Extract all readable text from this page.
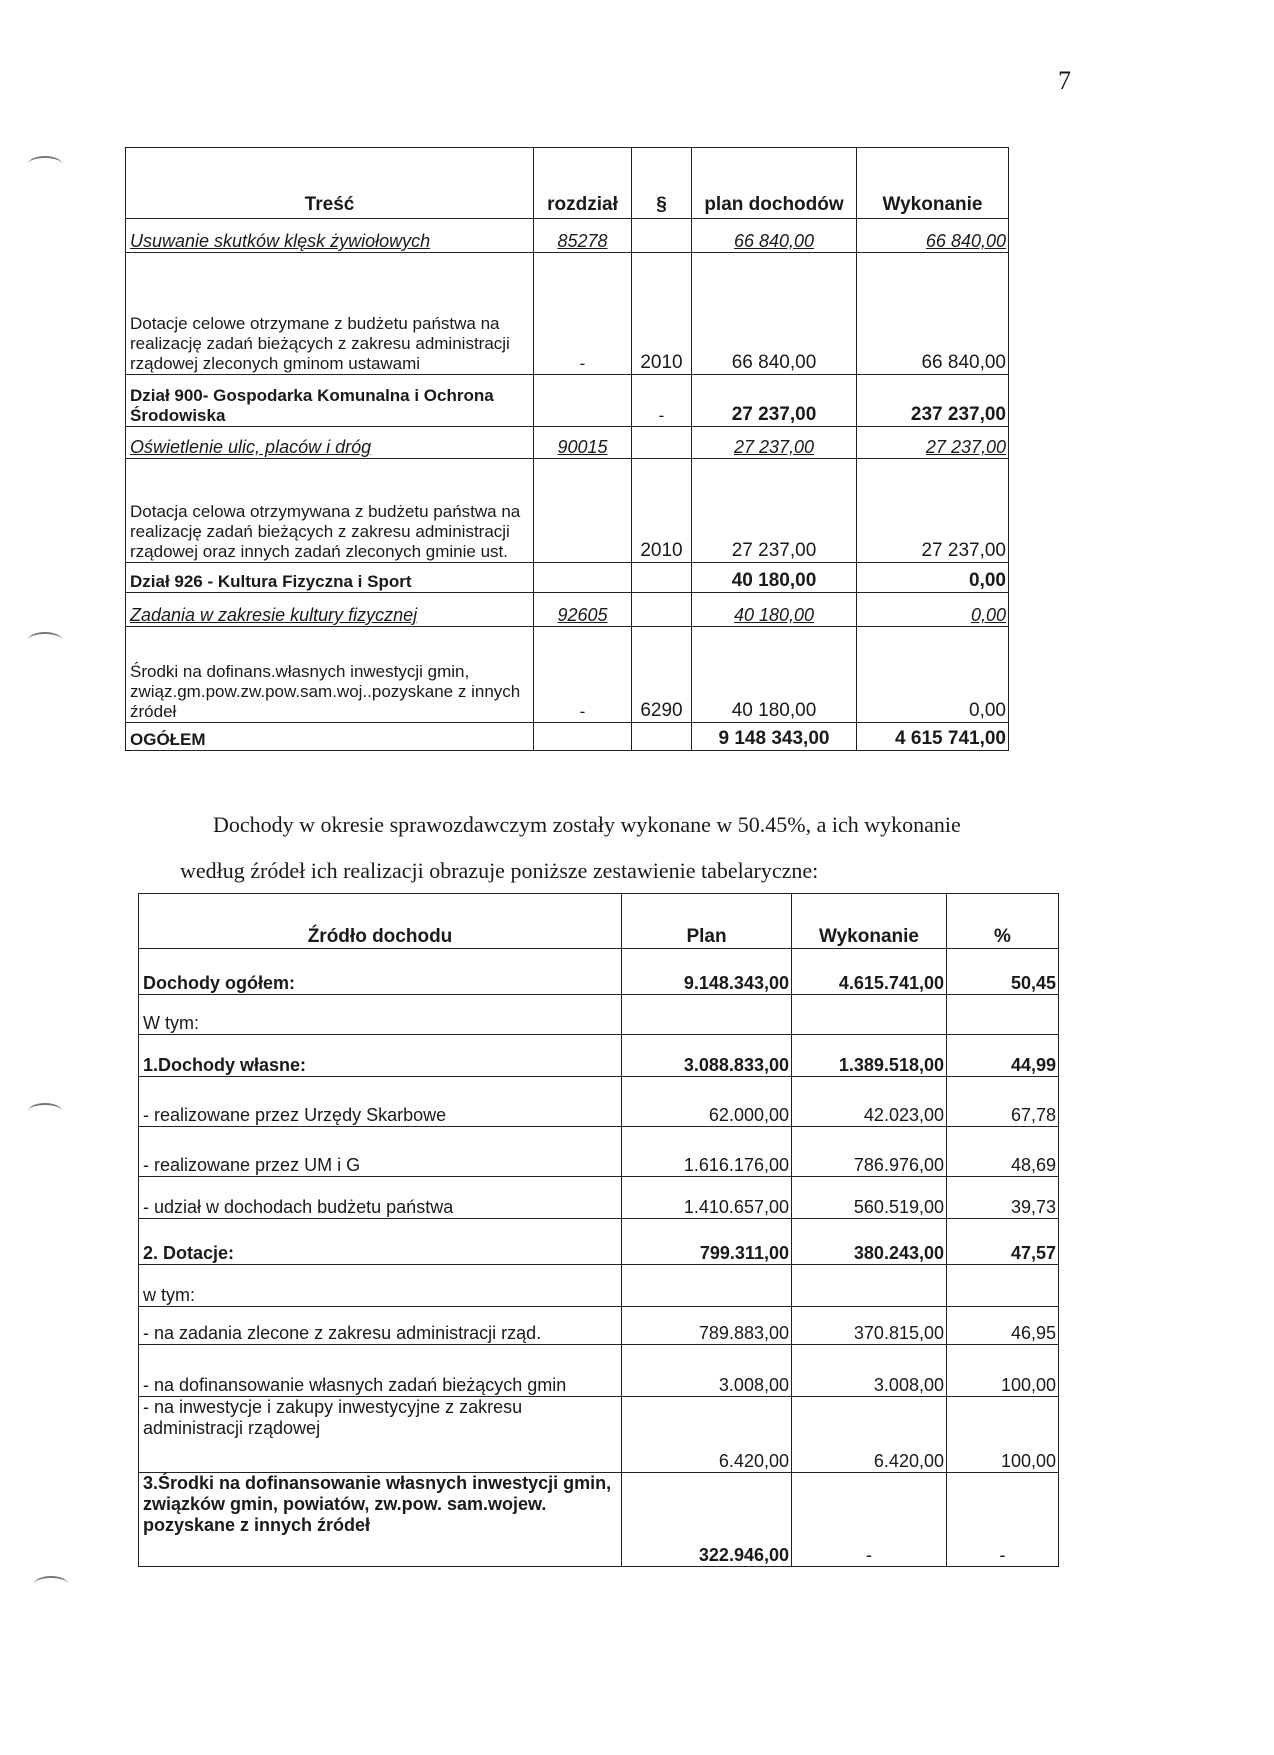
7
Treść	rozdział	§	plan dochodów	Wykonanie
Usuwanie skutków klęsk żywiołowych	85278		66 840,00	66 840,00
Dotacje celowe otrzymane z budżetu państwa na realizację zadań bieżących z zakresu administracji rządowej zleconych gminom ustawami	-	2010	66 840,00	66 840,00
Dział 900- Gospodarka Komunalna i Ochrona Środowiska		-	27 237,00	237 237,00
Oświetlenie ulic, placów i dróg	90015		27 237,00	27 237,00
Dotacja celowa otrzymywana z budżetu państwa na realizację zadań bieżących z zakresu administracji rządowej oraz innych zadań zleconych gminie ust.		2010	27 237,00	27 237,00
Dział 926 - Kultura Fizyczna i Sport			40 180,00	0,00
Zadania w zakresie kultury fizycznej	92605		40 180,00	0,00
Środki na dofinans.własnych inwestycji gmin, związ.gm.pow.zw.pow.sam.woj..pozyskane z innych źródeł	-	6290	40 180,00	0,00
OGÓŁEM			9 148 343,00	4 615 741,00
Dochody w okresie sprawozdawczym zostały wykonane w 50.45%, a ich wykonanie
według źródeł ich realizacji obrazuje poniższe zestawienie tabelaryczne:
Źródło dochodu	Plan	Wykonanie	%
Dochody ogółem:	9.148.343,00	4.615.741,00	50,45
W tym:			
1.Dochody własne:	3.088.833,00	1.389.518,00	44,99
- realizowane przez Urzędy Skarbowe	62.000,00	42.023,00	67,78
- realizowane przez UM i G	1.616.176,00	786.976,00	48,69
- udział w dochodach budżetu państwa	1.410.657,00	560.519,00	39,73
2. Dotacje:	799.311,00	380.243,00	47,57
w tym:			
- na zadania zlecone z zakresu administracji rząd.	789.883,00	370.815,00	46,95
- na dofinansowanie własnych zadań bieżących gmin	3.008,00	3.008,00	100,00
- na inwestycje i zakupy inwestycyjne z zakresu administracji rządowej	6.420,00	6.420,00	100,00
3.Środki na dofinansowanie własnych inwestycji gmin, związków gmin, powiatów, zw.pow. sam.wojew. pozyskane z innych źródeł	322.946,00	-	-
